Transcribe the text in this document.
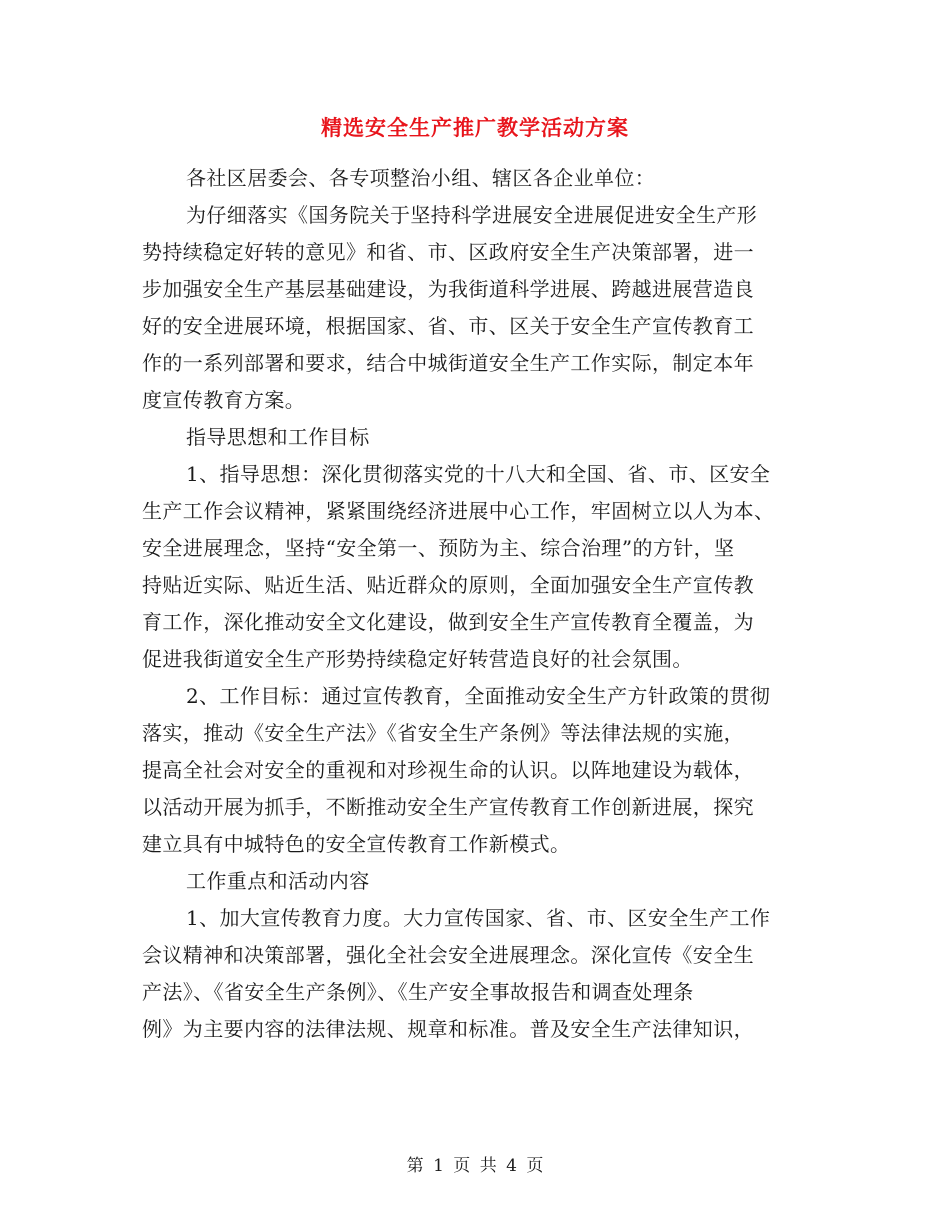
精选安全生产推广教学活动方案
各社区居委会、各专项整治小组、辖区各企业单位：
为仔细落实《国务院关于坚持科学进展安全进展促进安全生产形
势持续稳定好转的意见》和省、市、区政府安全生产决策部署，进一
步加强安全生产基层基础建设，为我街道科学进展、跨越进展营造良
好的安全进展环境，根据国家、省、市、区关于安全生产宣传教育工
作的一系列部署和要求，结合中城街道安全生产工作实际，制定本年
度宣传教育方案。
指导思想和工作目标
1、指导思想：深化贯彻落实党的十八大和全国、省、市、区安全
生产工作会议精神，紧紧围绕经济进展中心工作，牢固树立以人为本、
安全进展理念，坚持“安全第一、预防为主、综合治理”的方针，坚
持贴近实际、贴近生活、贴近群众的原则，全面加强安全生产宣传教
育工作，深化推动安全文化建设，做到安全生产宣传教育全覆盖，为
促进我街道安全生产形势持续稳定好转营造良好的社会氛围。
2、工作目标：通过宣传教育，全面推动安全生产方针政策的贯彻
落实，推动《安全生产法》《省安全生产条例》等法律法规的实施，
提高全社会对安全的重视和对珍视生命的认识。以阵地建设为载体，
以活动开展为抓手，不断推动安全生产宣传教育工作创新进展，探究
建立具有中城特色的安全宣传教育工作新模式。
工作重点和活动内容
1、加大宣传教育力度。大力宣传国家、省、市、区安全生产工作
会议精神和决策部署，强化全社会安全进展理念。深化宣传《安全生
产法》、《省安全生产条例》、《生产安全事故报告和调查处理条
例》为主要内容的法律法规、规章和标准。普及安全生产法律知识，
第 1 页 共 4 页
